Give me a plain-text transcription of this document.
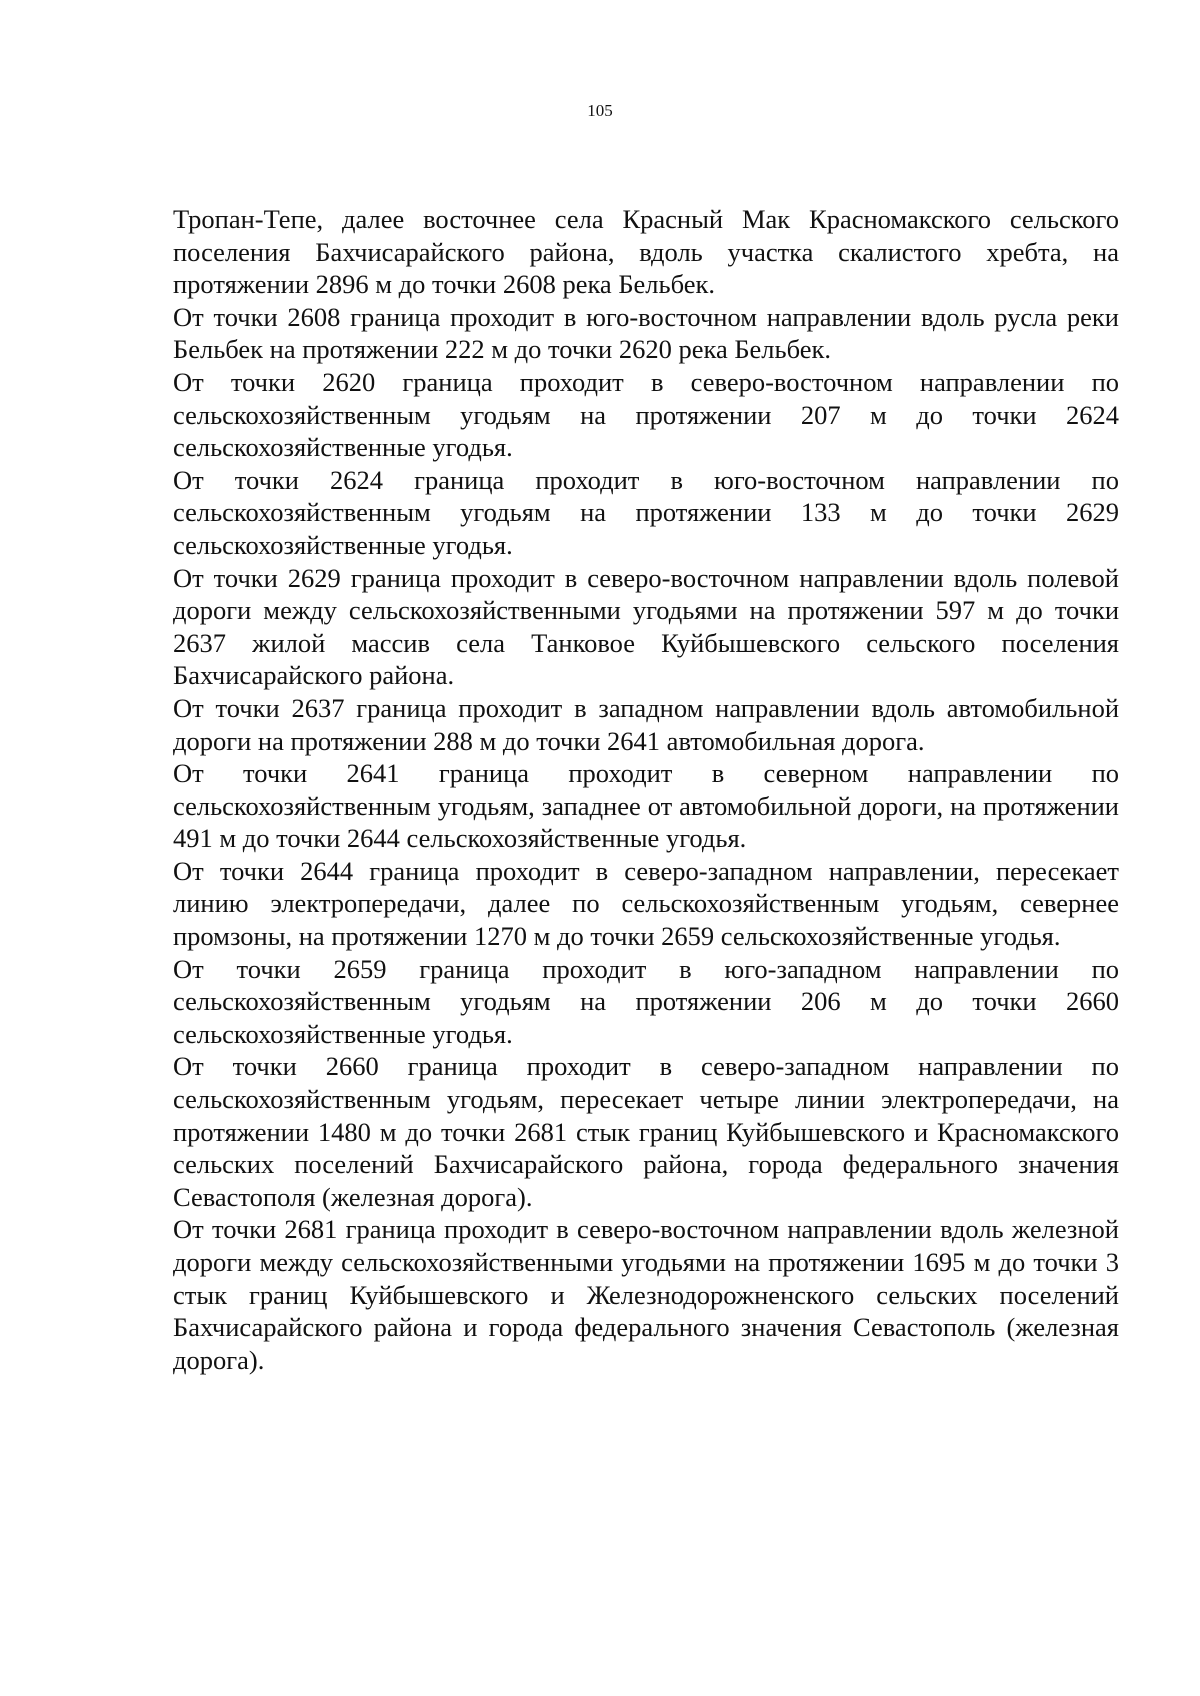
105

Тропан-Тепе, далее восточнее села Красный Мак Красномакского сельского поселения Бахчисарайского района, вдоль участка скалистого хребта, на протяжении 2896 м до точки 2608 река Бельбек.

От точки 2608 граница проходит в юго-восточном направлении вдоль русла реки Бельбек на протяжении 222 м до точки 2620 река Бельбек.

От точки 2620 граница проходит в северо-восточном направлении по сельскохозяйственным угодьям на протяжении 207 м до точки 2624 сельскохозяйственные угодья.

От точки 2624 граница проходит в юго-восточном направлении по сельскохозяйственным угодьям на протяжении 133 м до точки 2629 сельскохозяйственные угодья.

От точки 2629 граница проходит в северо-восточном направлении вдоль полевой дороги между сельскохозяйственными угодьями на протяжении 597 м до точки 2637 жилой массив села Танковое Куйбышевского сельского поселения Бахчисарайского района.

От точки 2637 граница проходит в западном направлении вдоль автомобильной дороги на протяжении 288 м до точки 2641 автомобильная дорога.

От точки 2641 граница проходит в северном направлении по сельскохозяйственным угодьям, западнее от автомобильной дороги, на протяжении 491 м до точки 2644 сельскохозяйственные угодья.

От точки 2644 граница проходит в северо-западном направлении, пересекает линию электропередачи, далее по сельскохозяйственным угодьям, севернее промзоны, на протяжении 1270 м до точки 2659 сельскохозяйственные угодья.

От точки 2659 граница проходит в юго-западном направлении по сельскохозяйственным угодьям на протяжении 206 м до точки 2660 сельскохозяйственные угодья.

От точки 2660 граница проходит в северо-западном направлении по сельскохозяйственным угодьям, пересекает четыре линии электропередачи, на протяжении 1480 м до точки 2681 стык границ Куйбышевского и Красномакского сельских поселений Бахчисарайского района, города федерального значения Севастополя (железная дорога).

От точки 2681 граница проходит в северо-восточном направлении вдоль железной дороги между сельскохозяйственными угодьями на протяжении 1695 м до точки 3 стык границ Куйбышевского и Железнодорожненского сельских поселений Бахчисарайского района и города федерального значения Севастополь (железная дорога).
